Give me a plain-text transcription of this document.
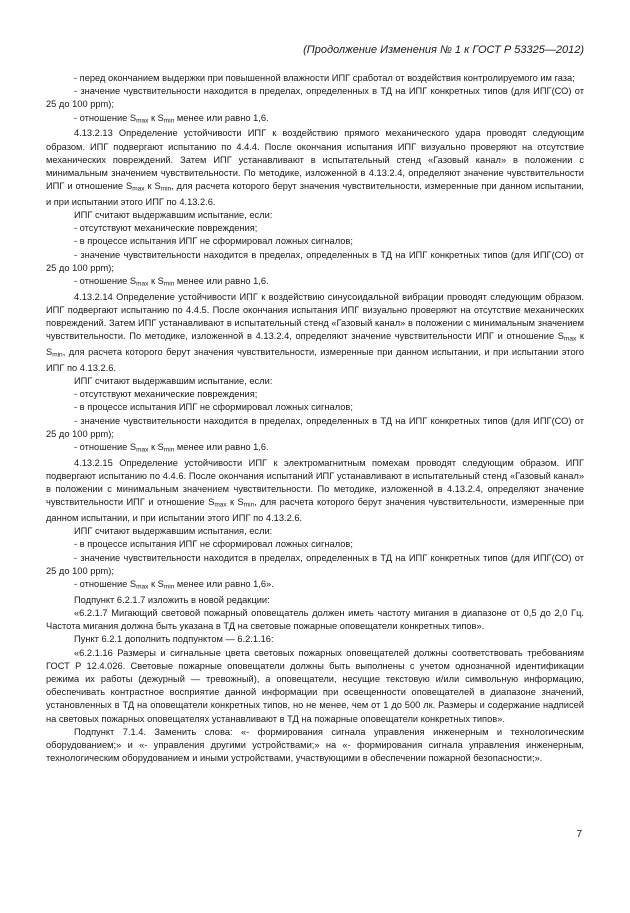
(Продолжение Изменения № 1 к ГОСТ Р 53325—2012)

- перед окончанием выдержки при повышенной влажности ИПГ сработал от воздействия контролируемого им газа;

- значение чувствительности находится в пределах, определенных в ТД на ИПГ конкретных типов (для ИПГ(СО) от 25 до 100 ppm);

- отношение $S_{max}$ к $S_{min}$ менее или равно 1,6.

4.13.2.13 Определение устойчивости ИПГ к воздействию прямого механического удара проводят следующим образом. ИПГ подвергают испытанию по 4.4.4. После окончания испытания ИПГ визуально проверяют на отсутствие механических повреждений. Затем ИПГ устанавливают в испытательный стенд «Газовый канал» в положении с минимальным значением чувствительности. По методике, изложенной в 4.13.2.4, определяют значение чувствительности ИПГ и отношение $S_{max}$ к $S_{min}$, для расчета которого берут значения чувствительности, измеренные при данном испытании, и при испытании этого ИПГ по 4.13.2.6.

ИПГ считают выдержавшим испытание, если:

- отсутствуют механические повреждения;

- в процессе испытания ИПГ не сформировал ложных сигналов;

- значение чувствительности находится в пределах, определенных в ТД на ИПГ конкретных типов (для ИПГ(СО) от 25 до 100 ppm);

- отношение $S_{max}$ к $S_{min}$ менее или равно 1,6.

4.13.2.14 Определение устойчивости ИПГ к воздействию синусоидальной вибрации проводят следующим образом. ИПГ подвергают испытанию по 4.4.5. После окончания испытания ИПГ визуально проверяют на отсутствие механических повреждений. Затем ИПГ устанавливают в испытательный стенд «Газовый канал» в положении с минимальным значением чувствительности. По методике, изложенной в 4.13.2.4, определяют значение чувствительности ИПГ и отношение $S_{max}$ к $S_{min}$, для расчета которого берут значения чувствительности, измеренные при данном испытании, и при испытании этого ИПГ по 4.13.2.6.

ИПГ считают выдержавшим испытание, если:

- отсутствуют механические повреждения;

- в процессе испытания ИПГ не сформировал ложных сигналов;

- значение чувствительности находится в пределах, определенных в ТД на ИПГ конкретных типов (для ИПГ(СО) от 25 до 100 ppm);

- отношение $S_{max}$ к $S_{min}$ менее или равно 1,6.

4.13.2.15 Определение устойчивости ИПГ к электромагнитным помехам проводят следующим образом. ИПГ подвергают испытанию по 4.4.6. После окончания испытаний ИПГ устанавливают в испытательный стенд «Газовый канал» в положении с минимальным значением чувствительности. По методике, изложенной в 4.13.2.4, определяют значение чувствительности ИПГ и отношение $S_{max}$ к $S_{min}$, для расчета которого берут значения чувствительности, измеренные при данном испытании, и при испытании этого ИПГ по 4.13.2.6.

ИПГ считают выдержавшим испытания, если:

- в процессе испытания ИПГ не сформировал ложных сигналов;

- значение чувствительности находится в пределах, определенных в ТД на ИПГ конкретных типов (для ИПГ(СО) от 25 до 100 ppm);

- отношение $S_{max}$ к $S_{min}$ менее или равно 1,6».

Подпункт 6.2.1.7 изложить в новой редакции:

«6.2.1.7 Мигающий световой пожарный оповещатель должен иметь частоту мигания в диапазоне от 0,5 до 2,0 Гц. Частота мигания должна быть указана в ТД на световые пожарные оповещатели конкретных типов».

Пункт 6.2.1 дополнить подпунктом — 6.2.1.16:

«6.2.1.16 Размеры и сигнальные цвета световых пожарных оповещателей должны соответствовать требованиям ГОСТ Р 12.4.026. Световые пожарные оповещатели должны быть выполнены с учетом однозначной идентификации режима их работы (дежурный — тревожный), а оповещатели, несущие текстовую и/или символьную информацию, обеспечивать контрастное восприятие данной информации при освещенности оповещателей в диапазоне значений, установленных в ТД на оповещатели конкретных типов, но не менее, чем от 1 до 500 лк. Размеры и содержание надписей на световых пожарных оповещателях устанавливают в ТД на пожарные оповещатели конкретных типов».

Подпункт 7.1.4. Заменить слова: «- формирования сигнала управления инженерным и технологическим оборудованием;» и «- управления другими устройствами;» на «- формирования сигнала управления инженерным, технологическим оборудованием и иными устройствами, участвующими в обеспечении пожарной безопасности;».

7
